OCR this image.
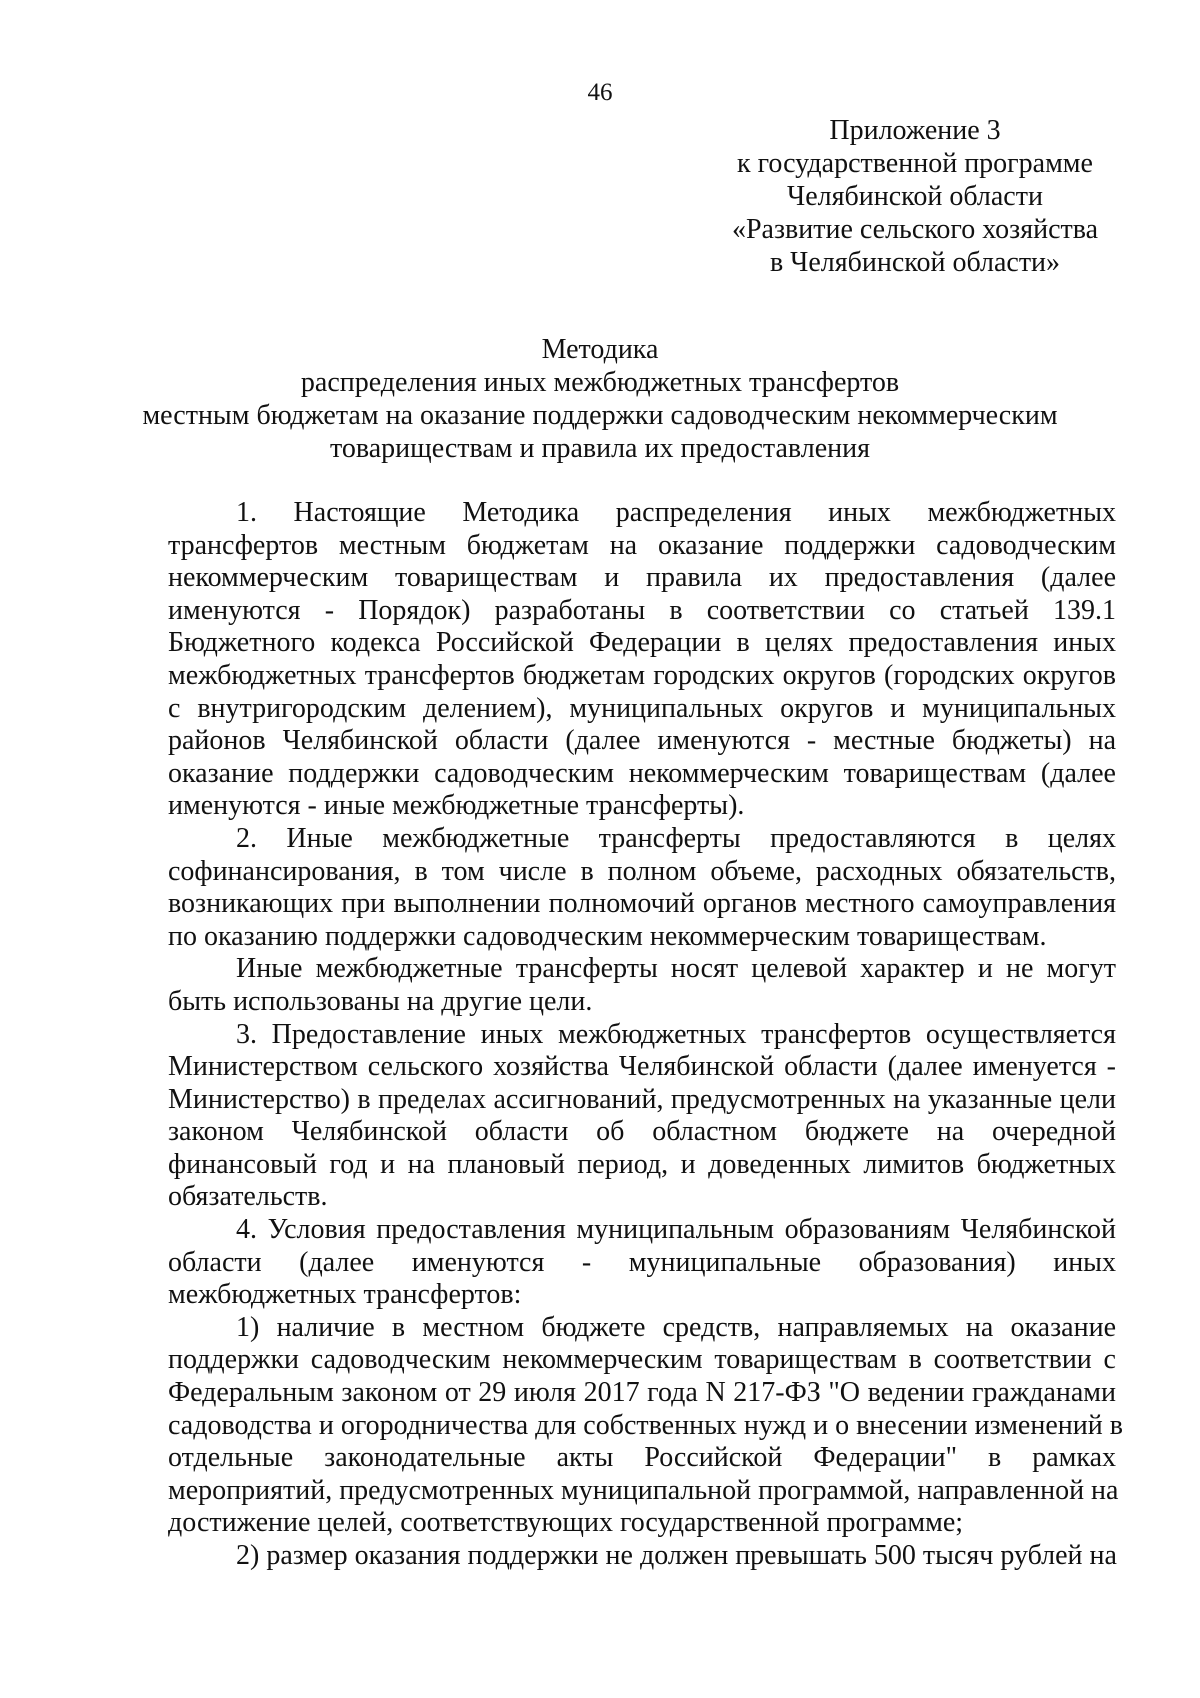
46
Приложение 3
к государственной программе
Челябинской области
«Развитие сельского хозяйства
в Челябинской области»
Методика
распределения иных межбюджетных трансфертов
местным бюджетам на оказание поддержки садоводческим некоммерческим
товариществам и правила их предоставления
1. Настоящие Методика распределения иных межбюджетных
трансфертов местным бюджетам на оказание поддержки садоводческим
некоммерческим товариществам и правила их предоставления (далее
именуются - Порядок) разработаны в соответствии со статьей 139.1
Бюджетного кодекса Российской Федерации в целях предоставления иных
межбюджетных трансфертов бюджетам городских округов (городских округов
с внутригородским делением), муниципальных округов и муниципальных
районов Челябинской области (далее именуются - местные бюджеты) на
оказание поддержки садоводческим некоммерческим товариществам (далее
именуются - иные межбюджетные трансферты).
2. Иные межбюджетные трансферты предоставляются в целях
софинансирования, в том числе в полном объеме, расходных обязательств,
возникающих при выполнении полномочий органов местного самоуправления
по оказанию поддержки садоводческим некоммерческим товариществам.
Иные межбюджетные трансферты носят целевой характер и не могут
быть использованы на другие цели.
3. Предоставление иных межбюджетных трансфертов осуществляется
Министерством сельского хозяйства Челябинской области (далее именуется -
Министерство) в пределах ассигнований, предусмотренных на указанные цели
законом Челябинской области об областном бюджете на очередной
финансовый год и на плановый период, и доведенных лимитов бюджетных
обязательств.
4. Условия предоставления муниципальным образованиям Челябинской
области (далее именуются - муниципальные образования) иных
межбюджетных трансфертов:
1) наличие в местном бюджете средств, направляемых на оказание
поддержки садоводческим некоммерческим товариществам в соответствии с
Федеральным законом от 29 июля 2017 года N 217-ФЗ "О ведении гражданами
садоводства и огородничества для собственных нужд и о внесении изменений в
отдельные законодательные акты Российской Федерации" в рамках
мероприятий, предусмотренных муниципальной программой, направленной на
достижение целей, соответствующих государственной программе;
2) размер оказания поддержки не должен превышать 500 тысяч рублей на
